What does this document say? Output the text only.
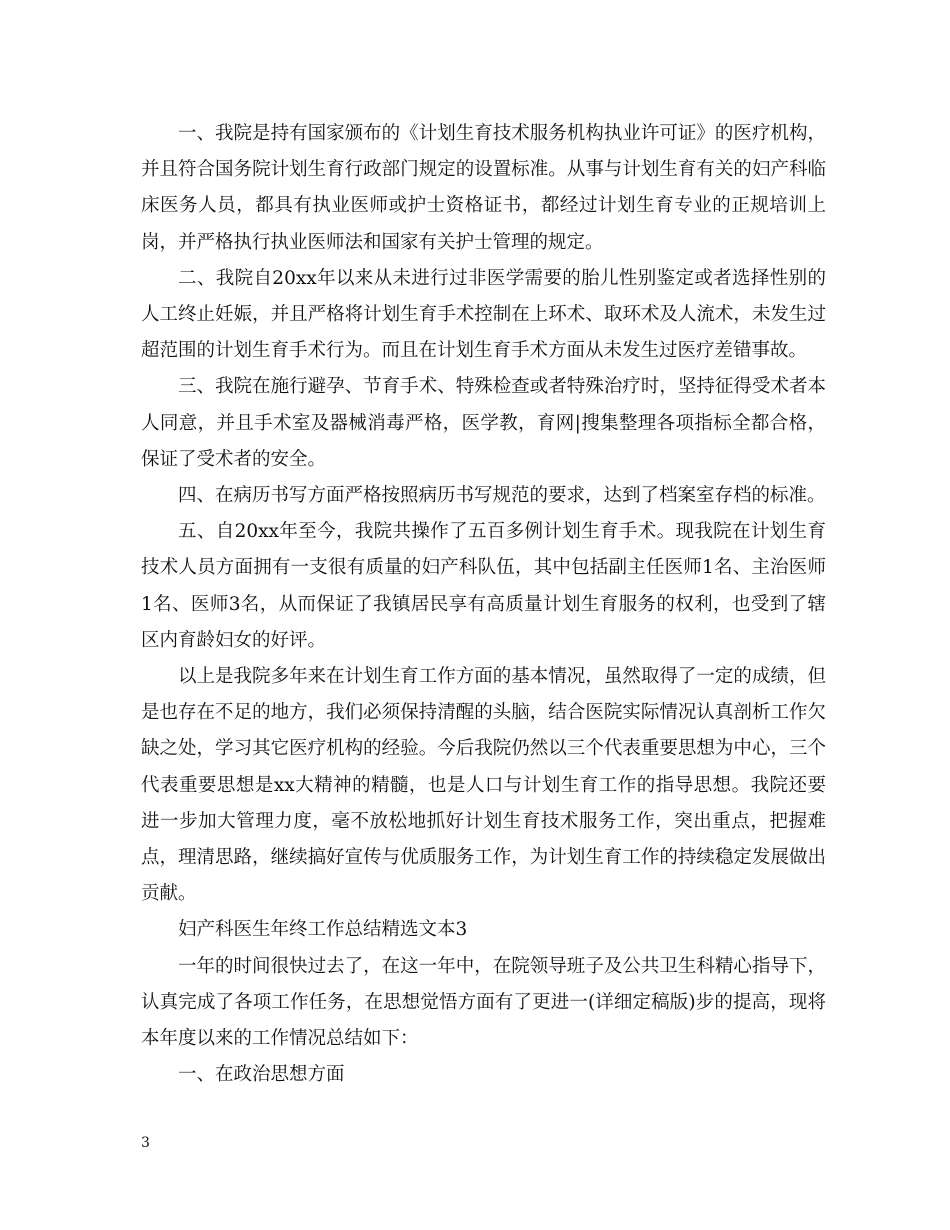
一、我院是持有国家颁布的《计划生育技术服务机构执业许可证》的医疗机构，并且符合国务院计划生育行政部门规定的设置标准。从事与计划生育有关的妇产科临床医务人员，都具有执业医师或护士资格证书，都经过计划生育专业的正规培训上岗，并严格执行执业医师法和国家有关护士管理的规定。

二、我院自20xx年以来从未进行过非医学需要的胎儿性别鉴定或者选择性别的人工终止妊娠，并且严格将计划生育手术控制在上环术、取环术及人流术，未发生过超范围的计划生育手术行为。而且在计划生育手术方面从未发生过医疗差错事故。

三、我院在施行避孕、节育手术、特殊检查或者特殊治疗时，坚持征得受术者本人同意，并且手术室及器械消毒严格，医学教，育网|搜集整理各项指标全都合格，保证了受术者的安全。

四、在病历书写方面严格按照病历书写规范的要求，达到了档案室存档的标准。

五、自20xx年至今，我院共操作了五百多例计划生育手术。现我院在计划生育技术人员方面拥有一支很有质量的妇产科队伍，其中包括副主任医师1名、主治医师1名、医师3名，从而保证了我镇居民享有高质量计划生育服务的权利，也受到了辖区内育龄妇女的好评。

以上是我院多年来在计划生育工作方面的基本情况，虽然取得了一定的成绩，但是也存在不足的地方，我们必须保持清醒的头脑，结合医院实际情况认真剖析工作欠缺之处，学习其它医疗机构的经验。今后我院仍然以三个代表重要思想为中心，三个代表重要思想是xx大精神的精髓，也是人口与计划生育工作的指导思想。我院还要进一步加大管理力度，毫不放松地抓好计划生育技术服务工作，突出重点，把握难点，理清思路，继续搞好宣传与优质服务工作，为计划生育工作的持续稳定发展做出贡献。

妇产科医生年终工作总结精选文本3

一年的时间很快过去了，在这一年中，在院领导班子及公共卫生科精心指导下，认真完成了各项工作任务，在思想觉悟方面有了更进一(详细定稿版)步的提高，现将本年度以来的工作情况总结如下：

一、在政治思想方面

3
